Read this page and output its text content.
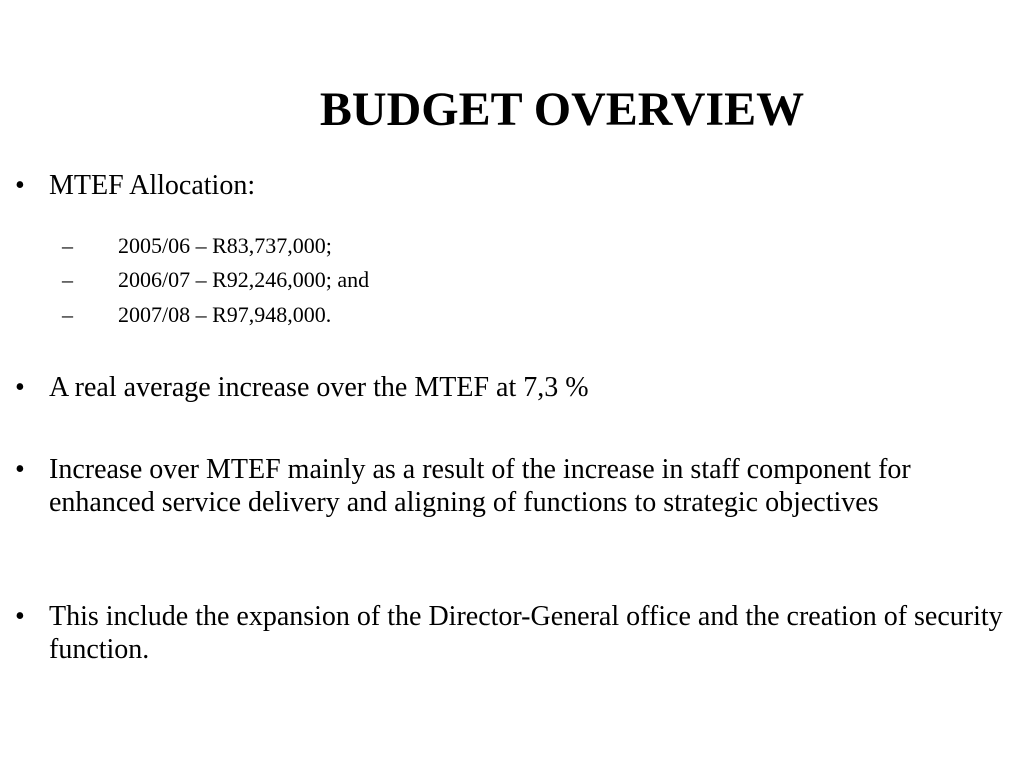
BUDGET OVERVIEW
• MTEF Allocation:
–	2005/06 – R83,737,000;
–	2006/07 – R92,246,000; and
–	2007/08 – R97,948,000.
• A real average increase over the MTEF at 7,3 %
• Increase over MTEF mainly as a result of the increase in staff component for enhanced service delivery and aligning of functions to strategic objectives
• This include the expansion of the Director-General office and the creation of security function.
